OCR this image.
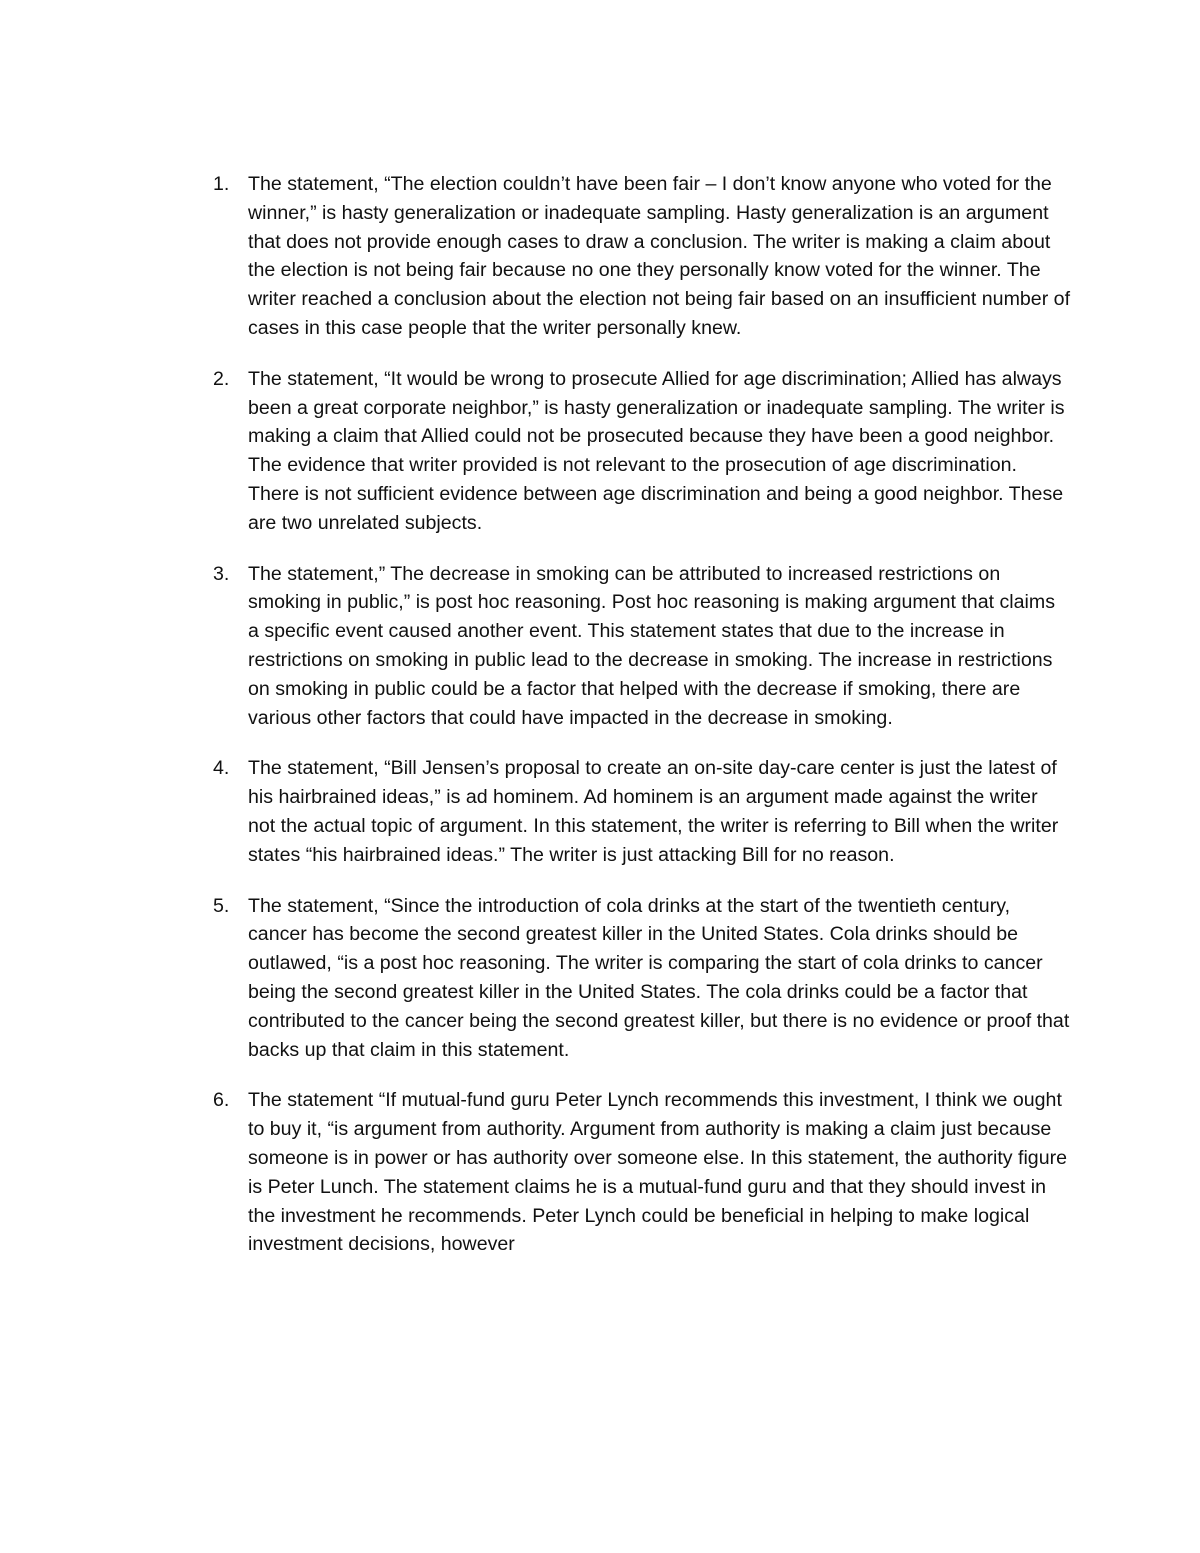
1. The statement, “The election couldn’t have been fair – I don’t know anyone who voted for the winner,” is hasty generalization or inadequate sampling. Hasty generalization is an argument that does not provide enough cases to draw a conclusion. The writer is making a claim about the election is not being fair because no one they personally know voted for the winner. The writer reached a conclusion about the election not being fair based on an insufficient number of cases in this case people that the writer personally knew.
2. The statement, “It would be wrong to prosecute Allied for age discrimination; Allied has always been a great corporate neighbor,” is hasty generalization or inadequate sampling. The writer is making a claim that Allied could not be prosecuted because they have been a good neighbor. The evidence that writer provided is not relevant to the prosecution of age discrimination. There is not sufficient evidence between age discrimination and being a good neighbor. These are two unrelated subjects.
3. The statement,” The decrease in smoking can be attributed to increased restrictions on smoking in public,” is post hoc reasoning. Post hoc reasoning is making argument that claims a specific event caused another event. This statement states that due to the increase in restrictions on smoking in public lead to the decrease in smoking. The increase in restrictions on smoking in public could be a factor that helped with the decrease if smoking, there are various other factors that could have impacted in the decrease in smoking.
4. The statement, “Bill Jensen’s proposal to create an on-site day-care center is just the latest of his hairbrained ideas,” is ad hominem. Ad hominem is an argument made against the writer not the actual topic of argument. In this statement, the writer is referring to Bill when the writer states “his hairbrained ideas.” The writer is just attacking Bill for no reason.
5. The statement, “Since the introduction of cola drinks at the start of the twentieth century, cancer has become the second greatest killer in the United States. Cola drinks should be outlawed, “is a post hoc reasoning. The writer is comparing the start of cola drinks to cancer being the second greatest killer in the United States. The cola drinks could be a factor that contributed to the cancer being the second greatest killer, but there is no evidence or proof that backs up that claim in this statement.
6. The statement “If mutual-fund guru Peter Lynch recommends this investment, I think we ought to buy it, “is argument from authority. Argument from authority is making a claim just because someone is in power or has authority over someone else. In this statement, the authority figure is Peter Lunch. The statement claims he is a mutual-fund guru and that they should invest in the investment he recommends. Peter Lynch could be beneficial in helping to make logical investment decisions, however
